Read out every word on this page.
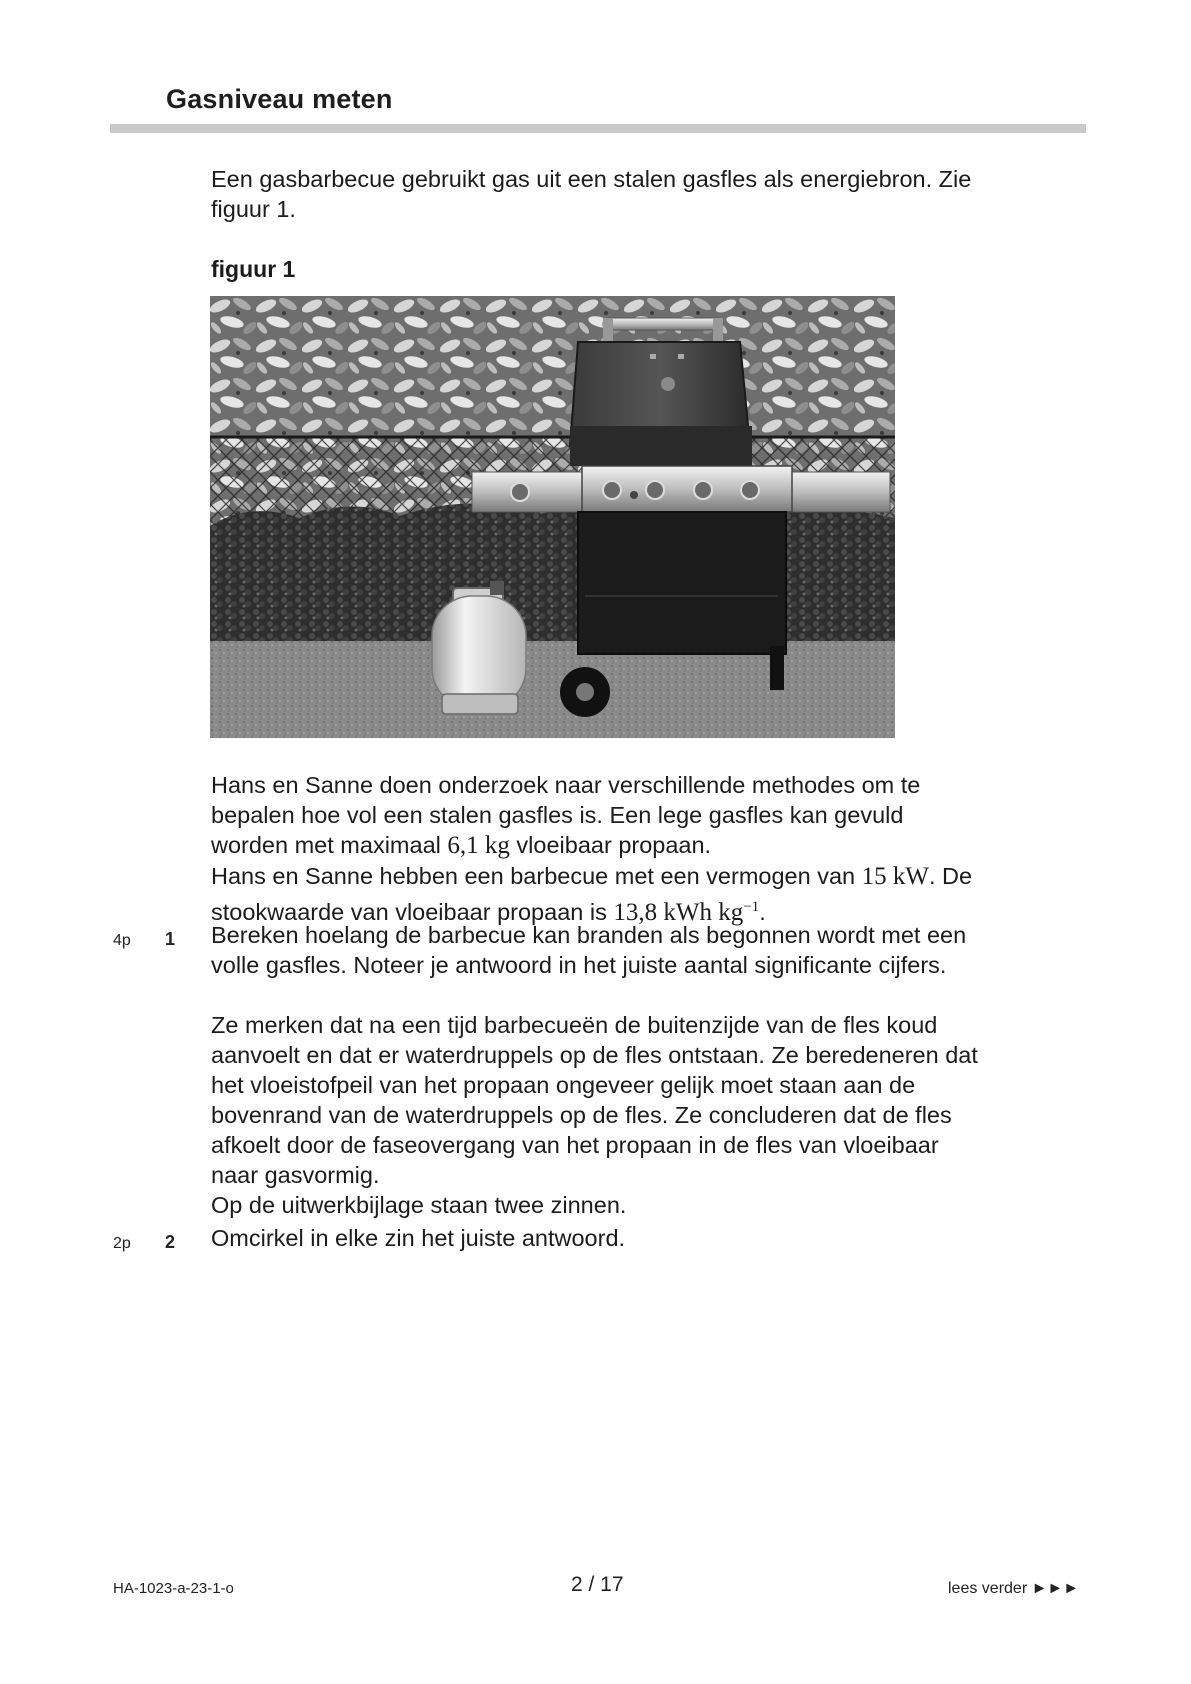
Gasniveau meten
Een gasbarbecue gebruikt gas uit een stalen gasfles als energiebron. Zie
figuur 1.
figuur 1
Hans en Sanne doen onderzoek naar verschillende methodes om te
bepalen hoe vol een stalen gasfles is. Een lege gasfles kan gevuld
worden met maximaal 6,1 kg vloeibaar propaan.
Hans en Sanne hebben een barbecue met een vermogen van 15 kW. De
stookwaarde van vloeibaar propaan is 13,8 kWh $kg^{-1}$.
4p 1 Bereken hoelang de barbecue kan branden als begonnen wordt met een
volle gasfles. Noteer je antwoord in het juiste aantal significante cijfers.
Ze merken dat na een tijd barbecueën de buitenzijde van de fles koud
aanvoelt en dat er waterdruppels op de fles ontstaan. Ze beredeneren dat
het vloeistofpeil van het propaan ongeveer gelijk moet staan aan de
bovenrand van de waterdruppels op de fles. Ze concluderen dat de fles
afkoelt door de faseovergang van het propaan in de fles van vloeibaar
naar gasvormig.
Op de uitwerkbijlage staan twee zinnen.
2p 2 Omcirkel in elke zin het juiste antwoord.
HA-1023-a-23-1-o	2 / 17	lees verder ►►►
